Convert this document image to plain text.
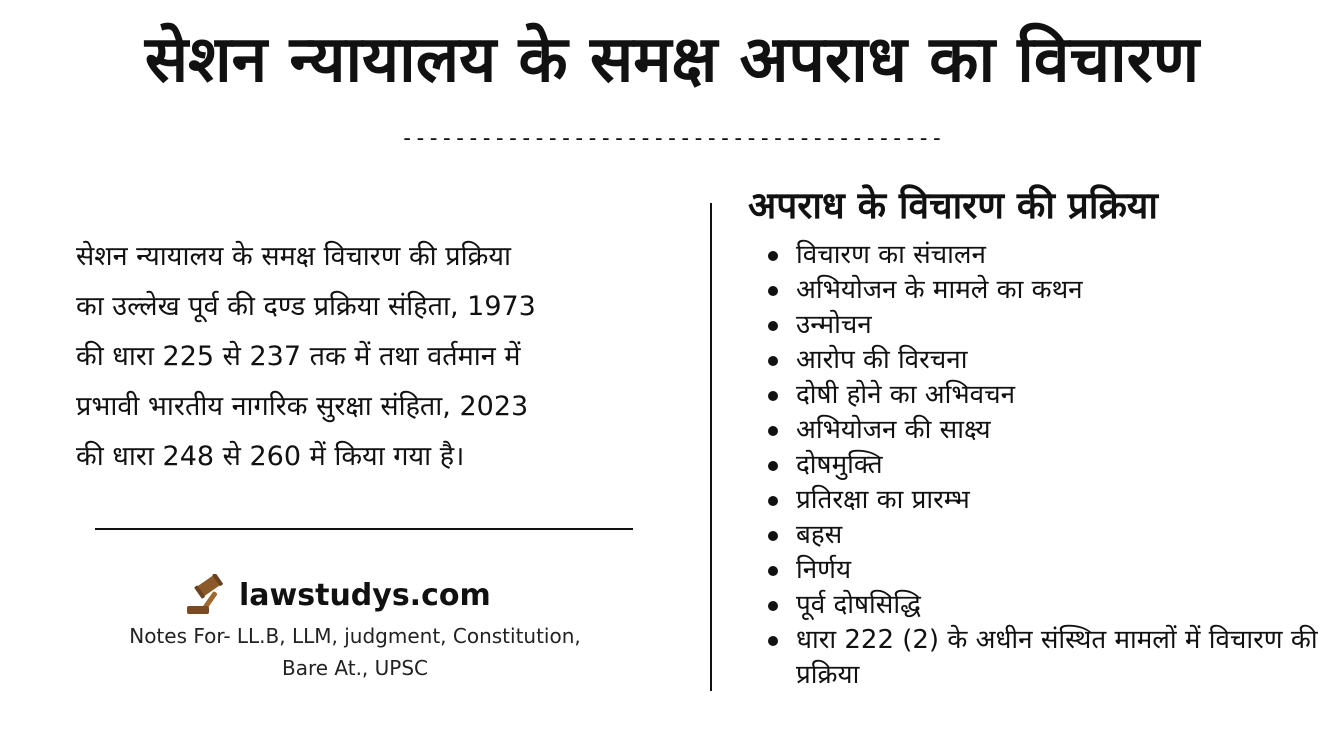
सेशन न्यायालय के समक्ष अपराध का विचारण
-----------------------------------------
सेशन न्यायालय के समक्ष विचारण की प्रक्रिया
का उल्लेख पूर्व की दण्ड प्रक्रिया संहिता, 1973
की धारा 225 से 237 तक में तथा वर्तमान में
प्रभावी भारतीय नागरिक सुरक्षा संहिता, 2023
की धारा 248 से 260 में किया गया है।
lawstudys.com
Notes For- LL.B, LLM, judgment, Constitution,
Bare At., UPSC
अपराध के विचारण की प्रक्रिया
विचारण का संचालन
अभियोजन के मामले का कथन
उन्मोचन
आरोप की विरचना
दोषी होने का अभिवचन
अभियोजन की साक्ष्य
दोषमुक्ति
प्रतिरक्षा का प्रारम्भ
बहस
निर्णय
पूर्व दोषसिद्धि
धारा 222 (2) के अधीन संस्थित मामलों में विचारण की प्रक्रिया
